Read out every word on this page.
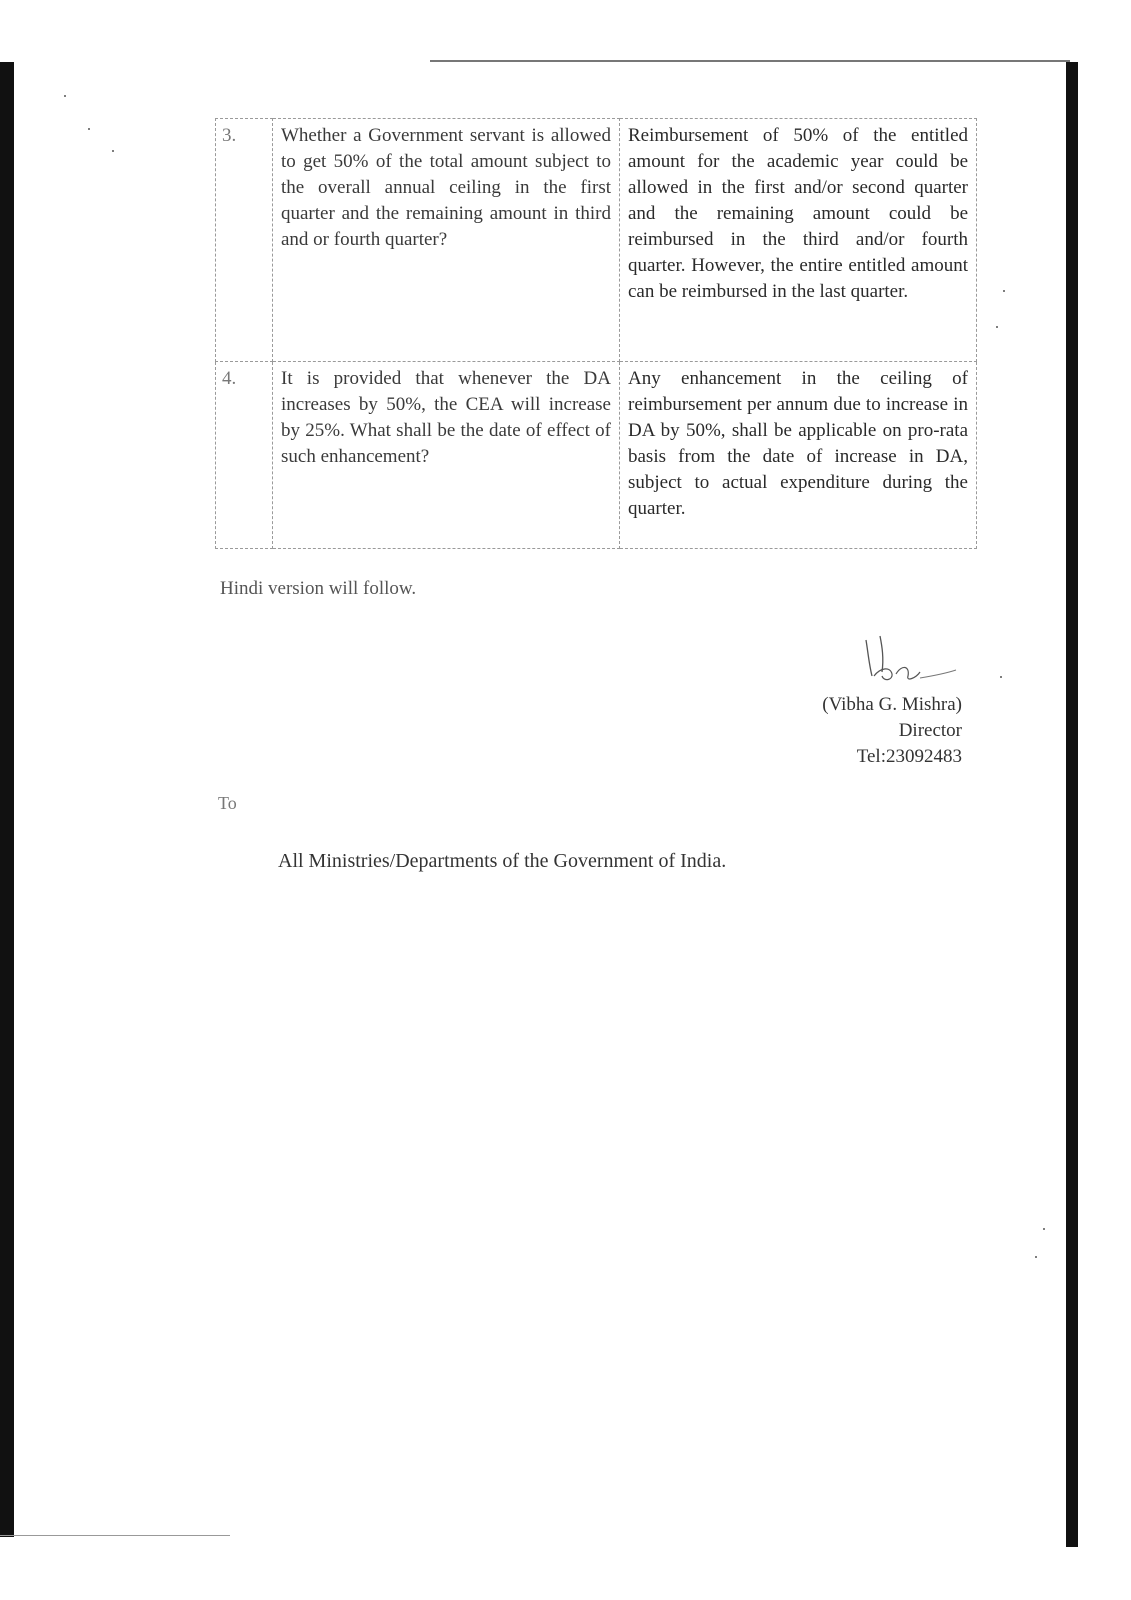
3.	Whether a Government servant is allowed to get 50% of the total amount subject to the overall annual ceiling in the first quarter and the remaining amount in third and or fourth quarter?	Reimbursement of 50% of the entitled amount for the academic year could be allowed in the first and/or second quarter and the remaining amount could be reimbursed in the third and/or fourth quarter. However, the entire entitled amount can be reimbursed in the last quarter.
4.	It is provided that whenever the DA increases by 50%, the CEA will increase by 25%. What shall be the date of effect of such enhancement?	Any enhancement in the ceiling of reimbursement per annum due to increase in DA by 50%, shall be applicable on pro-rata basis from the date of increase in DA, subject to actual expenditure during the quarter.
Hindi version will follow.
(Vibha G. Mishra)
Director
Tel:23092483
To
All Ministries/Departments of the Government of India.
